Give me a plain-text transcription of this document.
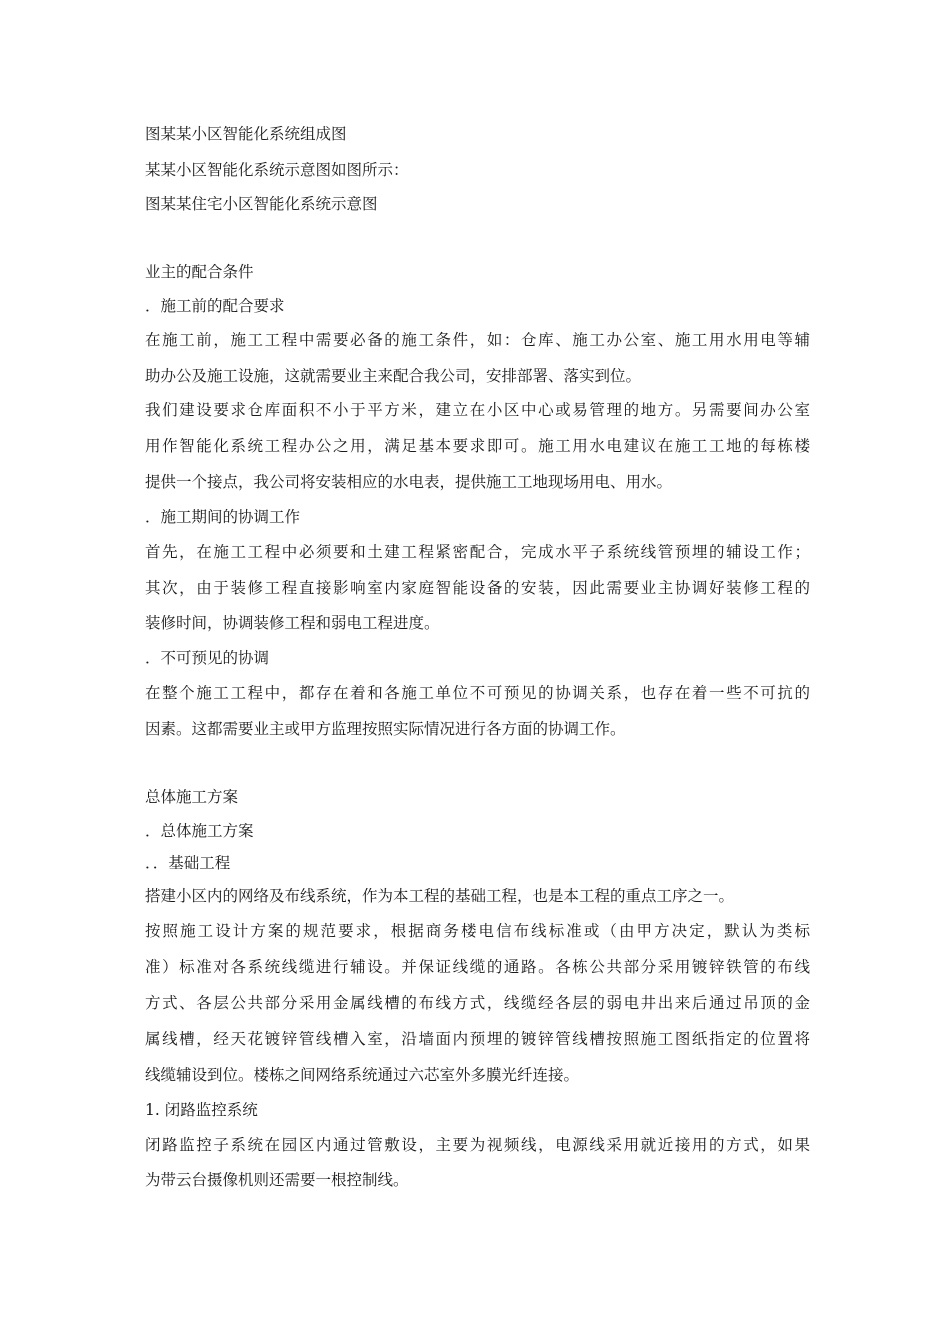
图某某小区智能化系统组成图
某某小区智能化系统示意图如图所示：
图某某住宅小区智能化系统示意图
业主的配合条件
．施工前的配合要求
在施工前，施工工程中需要必备的施工条件，如：仓库、施工办公室、施工用水用电等辅
助办公及施工设施，这就需要业主来配合我公司，安排部署、落实到位。
我们建设要求仓库面积不小于平方米，建立在小区中心或易管理的地方。另需要间办公室
用作智能化系统工程办公之用，满足基本要求即可。施工用水电建议在施工工地的每栋楼
提供一个接点，我公司将安装相应的水电表，提供施工工地现场用电、用水。
．施工期间的协调工作
首先，在施工工程中必须要和土建工程紧密配合，完成水平子系统线管预埋的辅设工作；
其次，由于装修工程直接影响室内家庭智能设备的安装，因此需要业主协调好装修工程的
装修时间，协调装修工程和弱电工程进度。
．不可预见的协调
在整个施工工程中，都存在着和各施工单位不可预见的协调关系，也存在着一些不可抗的
因素。这都需要业主或甲方监理按照实际情况进行各方面的协调工作。
总体施工方案
．总体施工方案
．．基础工程
搭建小区内的网络及布线系统，作为本工程的基础工程，也是本工程的重点工序之一。
按照施工设计方案的规范要求，根据商务楼电信布线标准或（由甲方决定，默认为类标
准）标准对各系统线缆进行辅设。并保证线缆的通路。各栋公共部分采用镀锌铁管的布线
方式、各层公共部分采用金属线槽的布线方式，线缆经各层的弱电井出来后通过吊顶的金
属线槽，经天花镀锌管线槽入室，沿墙面内预埋的镀锌管线槽按照施工图纸指定的位置将
线缆辅设到位。楼栋之间网络系统通过六芯室外多膜光纤连接。
1. 闭路监控系统
闭路监控子系统在园区内通过管敷设，主要为视频线，电源线采用就近接用的方式，如果
为带云台摄像机则还需要一根控制线。
